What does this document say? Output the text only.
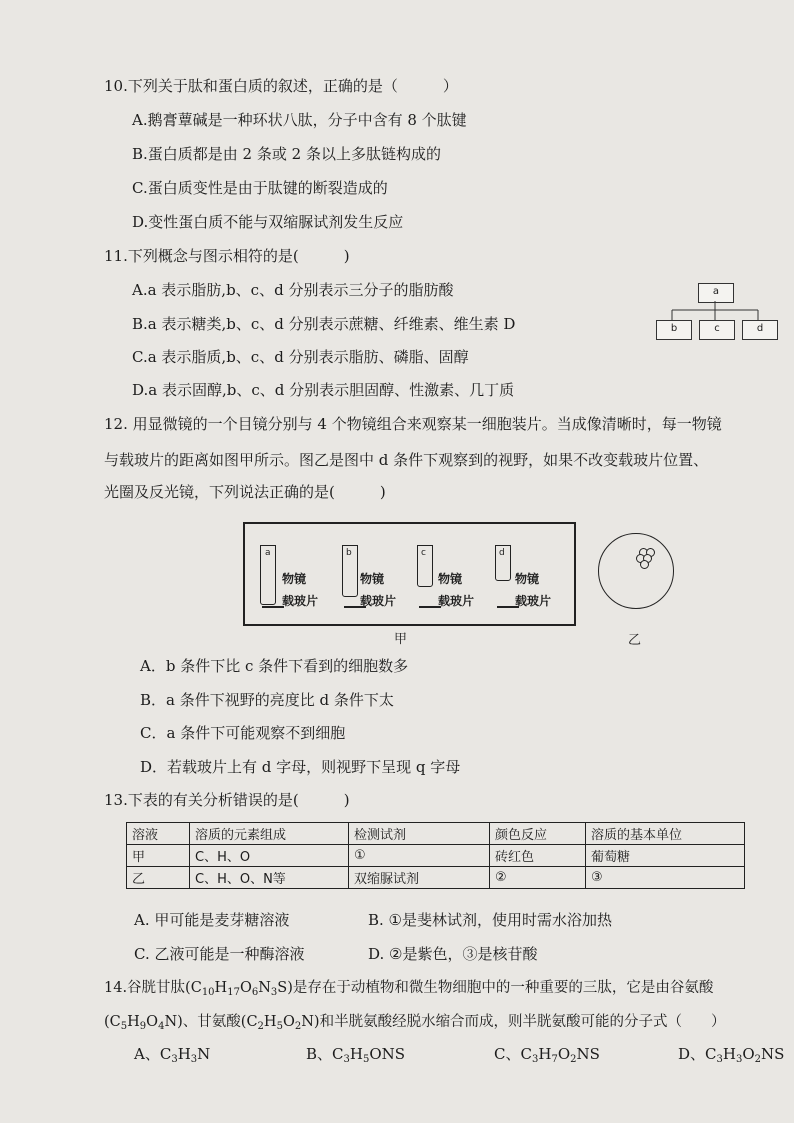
10.下列关于肽和蛋白质的叙述，正确的是（　　　）
A.鹅膏蕈碱是一种环状八肽，分子中含有 8 个肽键
B.蛋白质都是由 2 条或 2 条以上多肽链构成的
C.蛋白质变性是由于肽键的断裂造成的
D.变性蛋白质不能与双缩脲试剂发生反应
11.下列概念与图示相符的是(　　　)
A.a 表示脂肪,b、c、d 分别表示三分子的脂肪酸
B.a 表示糖类,b、c、d 分别表示蔗糖、纤维素、维生素 D
C.a 表示脂质,b、c、d 分别表示脂肪、磷脂、固醇
D.a 表示固醇,b、c、d 分别表示胆固醇、性激素、几丁质
a
b	c	d
12. 用显微镜的一个目镜分别与 4 个物镜组合来观察某一细胞装片。当成像清晰时，每一物镜
与载玻片的距离如图甲所示。图乙是图中 d 条件下观察到的视野，如果不改变载玻片位置、
光圈及反光镜，下列说法正确的是(　　　)
a
物镜
载玻片
b
物镜
载玻片
c
物镜
载玻片
d
物镜
载玻片
甲	乙
A．b 条件下比 c 条件下看到的细胞数多
B．a 条件下视野的亮度比 d 条件下太
C．a 条件下可能观察不到细胞
D．若载玻片上有 d 字母，则视野下呈现 q 字母
13.下表的有关分析错误的是(　　　)
溶液	溶质的元素组成	检测试剂	颜色反应	溶质的基本单位
甲	C、H、O	①	砖红色	葡萄糖
乙	C、H、O、N等	双缩脲试剂	②	③
A. 甲可能是麦芽糖溶液	B. ①是斐林试剂，使用时需水浴加热
C. 乙液可能是一种酶溶液	D. ②是紫色，③是核苷酸
14.谷胱甘肽$(C_{10}H_{17}O_6N_3S)$是存在于动植物和微生物细胞中的一种重要的三肽，它是由谷氨酸
$(C_5H_9O_4N)$、甘氨酸$(C_2H_5O_2N)$和半胱氨酸经脱水缩合而成，则半胱氨酸可能的分子式（　　）
A、$C_3H_3N$	B、$C_3H_5ONS$	C、$C_3H_7O_2NS$	D、$C_3H_3O_2NS$
